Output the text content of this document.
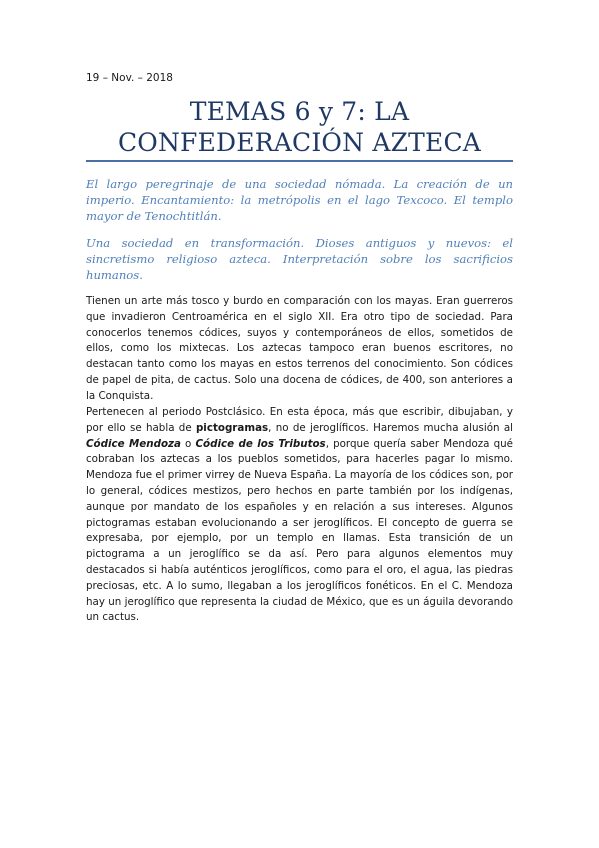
19 – Nov. – 2018
TEMAS 6 y 7: LA
CONFEDERACIÓN AZTECA
El largo peregrinaje de una sociedad nómada. La creación de un imperio. Encantamiento: la metrópolis en el lago Texcoco. El templo mayor de Tenochtitlán.
Una sociedad en transformación. Dioses antiguos y nuevos: el sincretismo religioso azteca. Interpretación sobre los sacrificios humanos.
Tienen un arte más tosco y burdo en comparación con los mayas. Eran guerreros que invadieron Centroamérica en el siglo XII. Era otro tipo de sociedad. Para conocerlos tenemos códices, suyos y contemporáneos de ellos, sometidos de ellos, como los mixtecas. Los aztecas tampoco eran buenos escritores, no destacan tanto como los mayas en estos terrenos del conocimiento. Son códices de papel de pita, de cactus. Solo una docena de códices, de 400, son anteriores a la Conquista.
Pertenecen al periodo Postclásico. En esta época, más que escribir, dibujaban, y por ello se habla de pictogramas, no de jeroglíficos. Haremos mucha alusión al Códice Mendoza o Códice de los Tributos, porque quería saber Mendoza qué cobraban los aztecas a los pueblos sometidos, para hacerles pagar lo mismo. Mendoza fue el primer virrey de Nueva España. La mayoría de los códices son, por lo general, códices mestizos, pero hechos en parte también por los indígenas, aunque por mandato de los españoles y en relación a sus intereses. Algunos pictogramas estaban evolucionando a ser jeroglíficos. El concepto de guerra se expresaba, por ejemplo, por un templo en llamas. Esta transición de un pictograma a un jeroglífico se da así. Pero para algunos elementos muy destacados si había auténticos jeroglíficos, como para el oro, el agua, las piedras preciosas, etc. A lo sumo, llegaban a los jeroglíficos fonéticos. En el C. Mendoza hay un jeroglífico que representa la ciudad de México, que es un águila devorando un cactus.
